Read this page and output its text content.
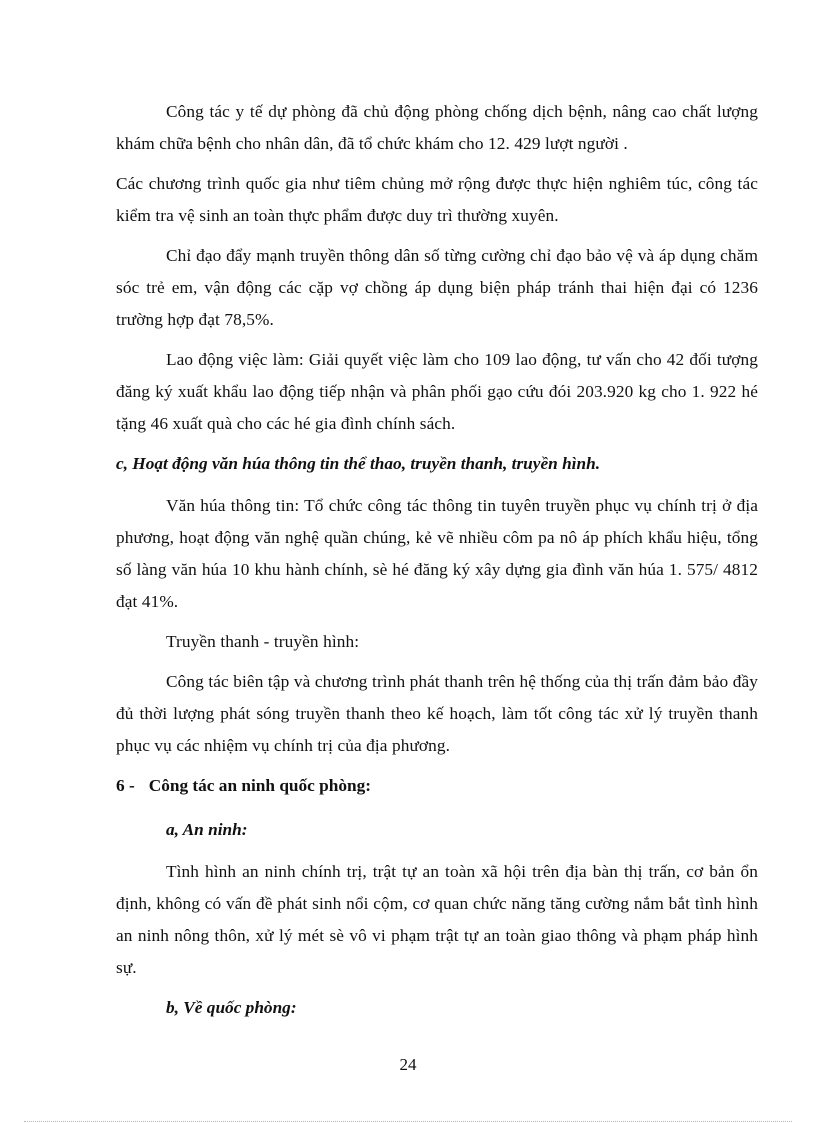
Công tác y tế dự phòng đã chủ động phòng chống dịch bệnh, nâng cao chất lượng khám chữa bệnh cho nhân dân, đã tổ chức khám cho 12. 429 lượt người .

Các chương trình quốc gia như tiêm chủng mở rộng được thực hiện nghiêm túc, công tác kiểm tra vệ sinh an toàn thực phẩm được duy trì thường xuyên.

Chỉ đạo đẩy mạnh truyền thông dân số từng cường chỉ đạo bảo vệ và áp dụng chăm sóc trẻ em, vận động các cặp vợ chồng áp dụng biện pháp tránh thai hiện đại có 1236 trường hợp đạt 78,5%.

Lao động việc làm: Giải quyết việc làm cho 109 lao động, tư vấn cho 42 đối tượng đăng ký xuất khẩu lao động tiếp nhận và phân phối gạo cứu đói 203.920 kg cho 1. 922 hé tặng 46 xuất quà cho các hé gia đình chính sách.

c, Hoạt động văn húa thông tin thể thao, truyền thanh, truyền hình.

Văn húa thông tin: Tổ chức công tác thông tin tuyên truyền phục vụ chính trị ở địa phương, hoạt động văn nghệ quần chúng, kẻ vẽ nhiều côm pa nô áp phích khẩu hiệu, tổng số làng văn húa 10 khu hành chính, sè hé đăng ký xây dựng gia đình văn húa 1. 575/ 4812 đạt 41%.

Truyền thanh - truyền hình:

Công tác biên tập và chương trình phát thanh trên hệ thống của thị trấn đảm bảo đầy đủ thời lượng phát sóng truyền thanh theo kế hoạch, làm tốt công tác xử lý truyền thanh phục vụ các nhiệm vụ chính trị của địa phương.

6 - Công tác an ninh quốc phòng:
a, An ninh:

Tình hình an ninh chính trị, trật tự an toàn xã hội trên địa bàn thị trấn, cơ bản ổn định, không có vấn đề phát sinh nổi cộm, cơ quan chức năng tăng cường nắm bắt tình hình an ninh nông thôn, xử lý mét sè vô vi phạm trật tự an toàn giao thông và phạm pháp hình sự.

b, Về quốc phòng:
24
